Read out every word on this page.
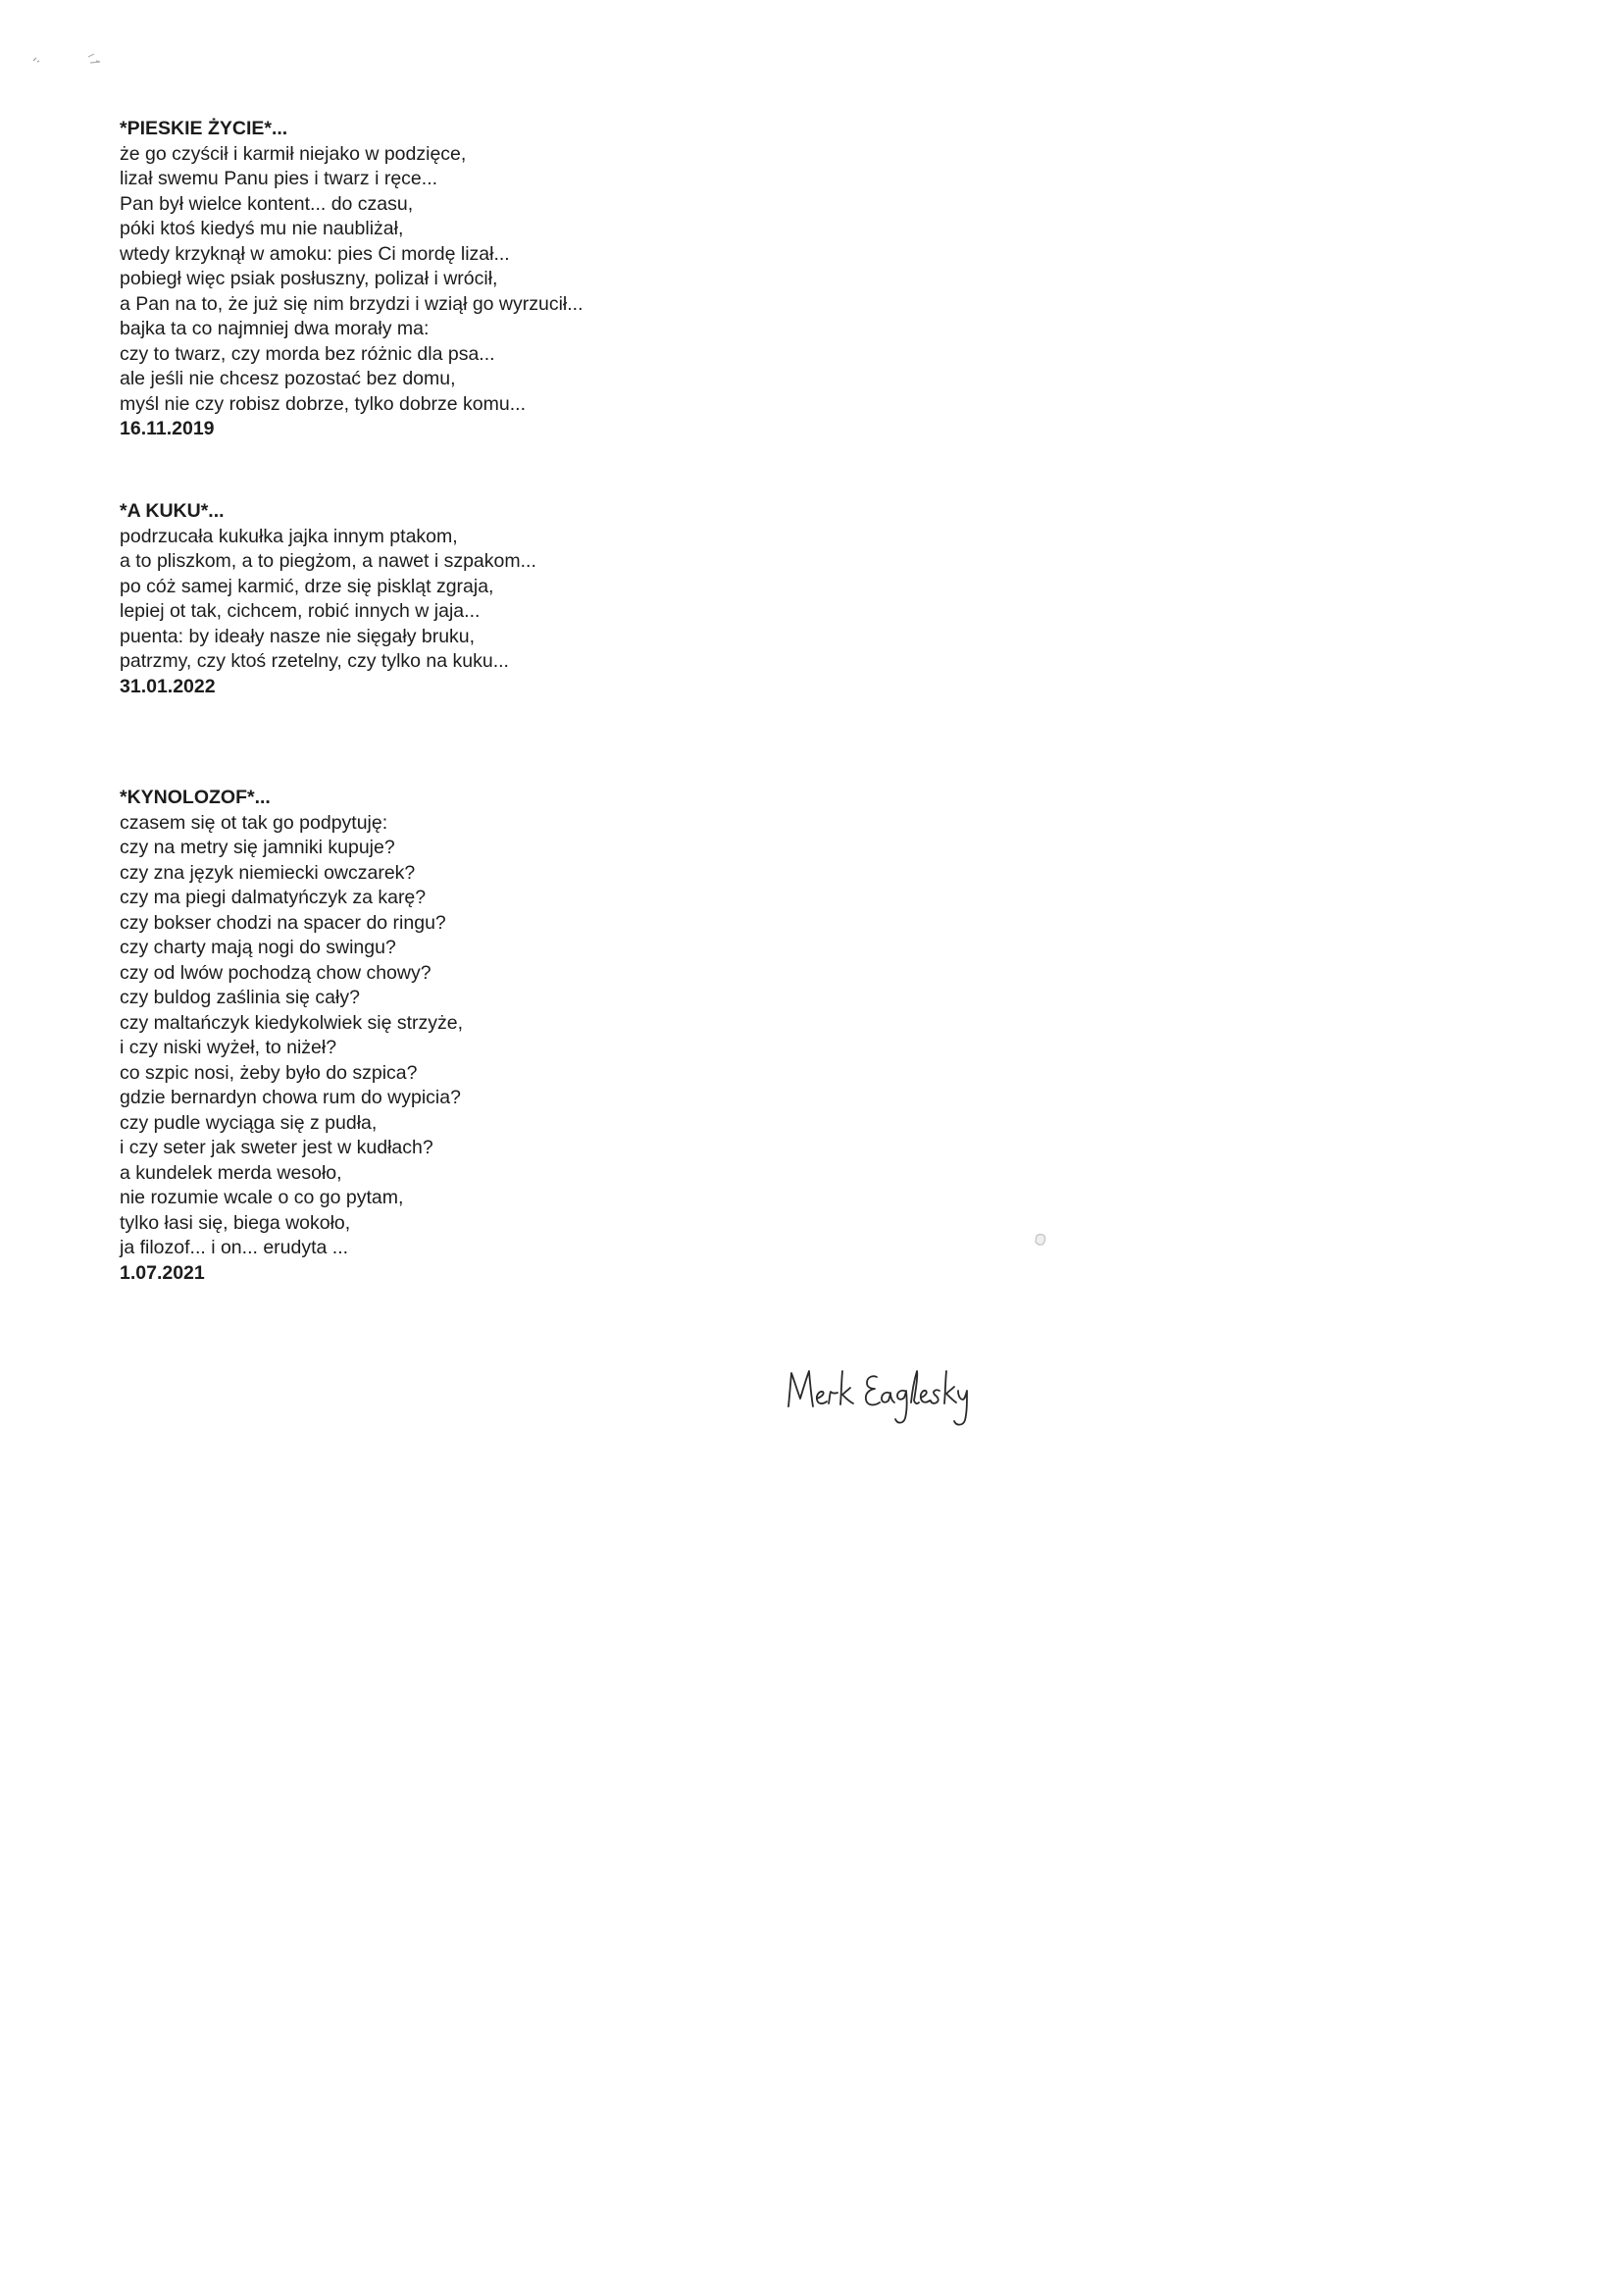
*PIESKIE ŻYCIE*...
że go czyścił i karmił niejako w podzięce,
lizał swemu Panu pies i twarz i ręce...
Pan był wielce kontent... do czasu,
póki ktoś kiedyś mu nie naubliżał,
wtedy krzyknął w amoku: pies Ci mordę lizał...
pobiegł więc psiak posłuszny, polizał i wrócił,
a Pan na to, że już się nim brzydzi i wziął go wyrzucił...
bajka ta co najmniej dwa morały ma:
czy to twarz, czy morda bez różnic dla psa...
ale jeśli nie chcesz pozostać bez domu,
myśl nie czy robisz dobrze, tylko dobrze komu...
16.11.2019
*A KUKU*...
podrzucała kukułka jajka innym ptakom,
a to pliszkom, a to piegżom, a nawet i szpakom...
po cóż samej karmić, drze się piskląt zgraja,
lepiej ot tak, cichcem, robić innych w jaja...
puenta: by ideały nasze nie sięgały bruku,
patrzmy, czy ktoś rzetelny, czy tylko na kuku...
31.01.2022
*KYNOLOZOF*...
czasem się ot tak go podpytuję:
czy na metry się jamniki kupuje?
czy zna język niemiecki owczarek?
czy ma piegi dalmatyńczyk za karę?
czy bokser chodzi na spacer do ringu?
czy charty mają nogi do swingu?
czy od lwów pochodzą chow chowy?
czy buldog zaślinia się cały?
czy maltańczyk kiedykolwiek się strzyże,
i czy niski wyżeł, to niżeł?
co szpic nosi, żeby było do szpica?
gdzie bernardyn chowa rum do wypicia?
czy pudle wyciąga się z pudła,
i czy seter jak sweter jest w kudłach?
a kundelek merda wesoło,
nie rozumie wcale o co go pytam,
tylko łasi się, biega wokoło,
ja filozof... i on... erudyta ...
1.07.2021
